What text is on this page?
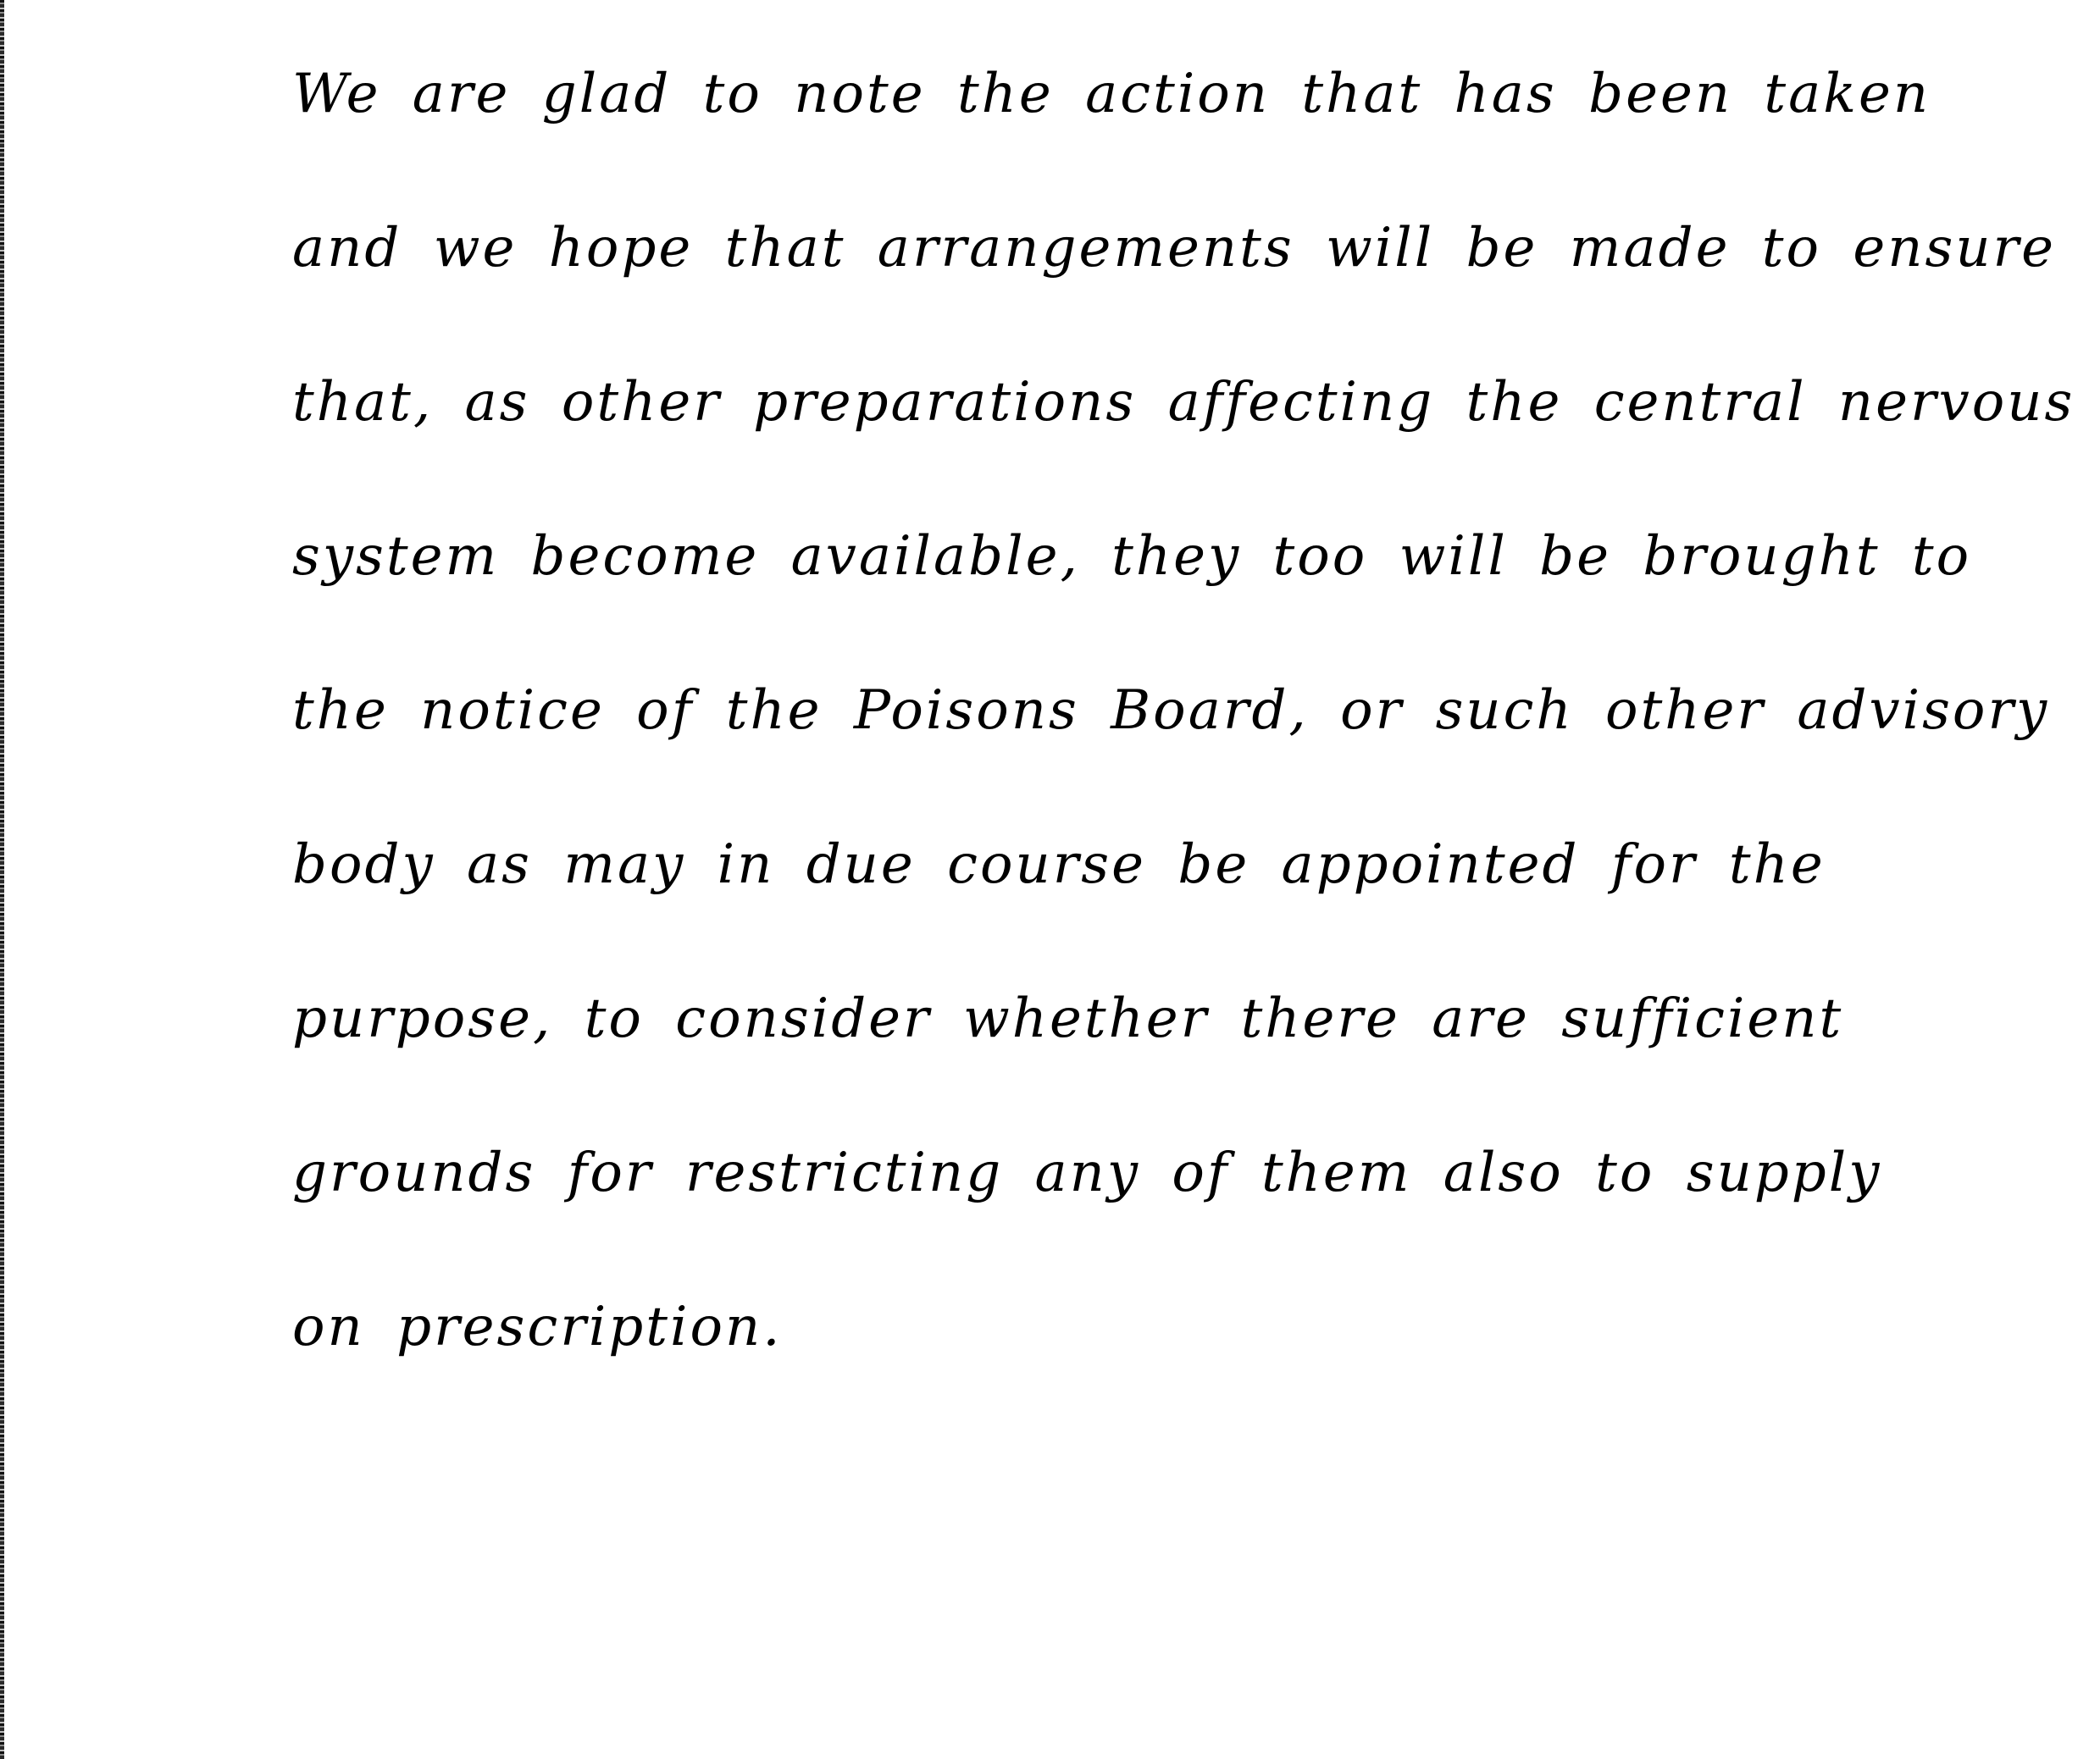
We are glad to note the action that has been taken
and we hope that arrangements will be made to ensure
that, as other preparations affecting the central nervous
system become available, they too will be brought to
the notice of the Poisons Board, or such other advisory
body as may in due course be appointed for the
purpose, to consider whether there are sufficient
grounds for restricting any of them also to supply
on prescription.
